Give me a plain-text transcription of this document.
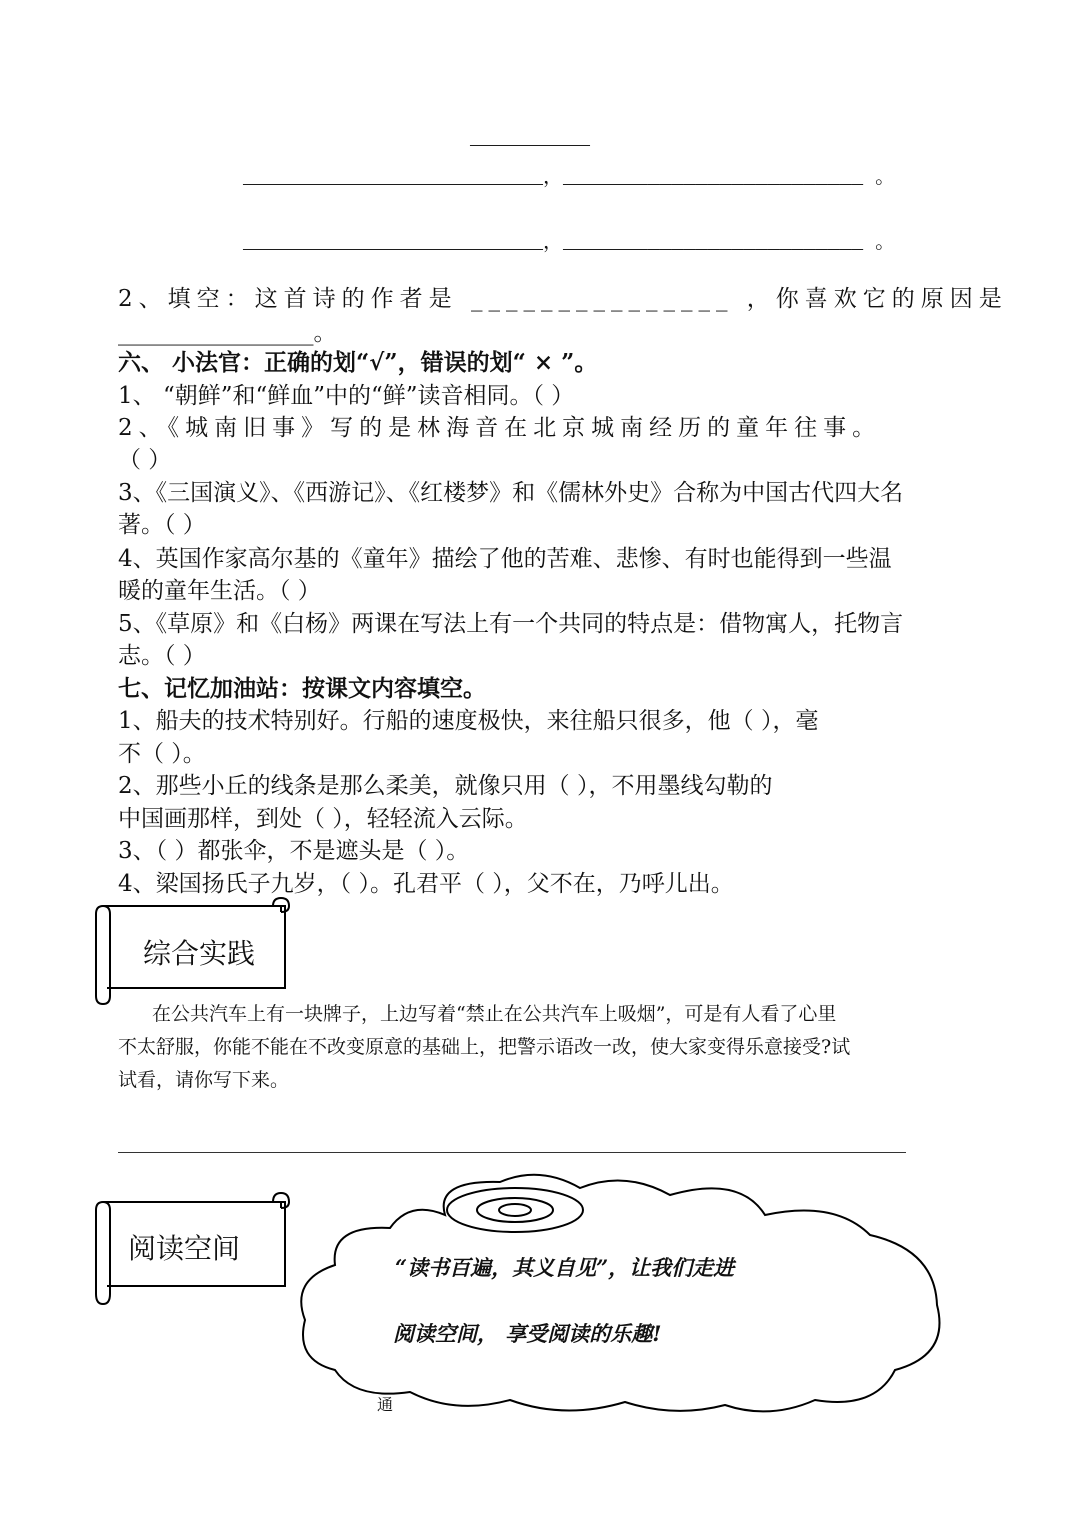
__________
_________________________，_________________________ 。
_________________________，_________________________ 。
2、填空：这首诗的作者是 _______________ ，你喜欢它的原因是
_________________。
六、 小法官：正确的划“√”，错误的划“ × ”。
1、 “朝鲜”和“鲜血”中的“鲜”读音相同。（ ）
2、《城南旧事》写的是林海音在北京城南经历的童年往事。
（ ）
3、《三国演义》、《西游记》、《红楼梦》和《儒林外史》合称为中国古代四大名
著。（ ）
4、英国作家高尔基的《童年》描绘了他的苦难、悲惨、有时也能得到一些温
暖的童年生活。（ ）
5、《草原》和《白杨》两课在写法上有一个共同的特点是：借物寓人，托物言
志。（ ）
七、记忆加油站：按课文内容填空。
1、船夫的技术特别好。行船的速度极快，来往船只很多，他（ ），毫
不（ ）。
2、那些小丘的线条是那么柔美，就像只用（ ），不用墨线勾勒的
中国画那样，到处（ ），轻轻流入云际。
3、（ ）都张伞，不是遮头是（ ）。
4、梁国扬氏子九岁，（ ）。孔君平（ ），父不在，乃呼儿出。
综合实践
在公共汽车上有一块牌子，上边写着“禁止在公共汽车上吸烟”，可是有人看了心里
不太舒服，你能不能在不改变原意的基础上，把警示语改一改，使大家变得乐意接受?试
试看，请你写下来。
阅读空间
“读书百遍，其义自见”，让我们走进
阅读空间， 享受阅读的乐趣!
通
